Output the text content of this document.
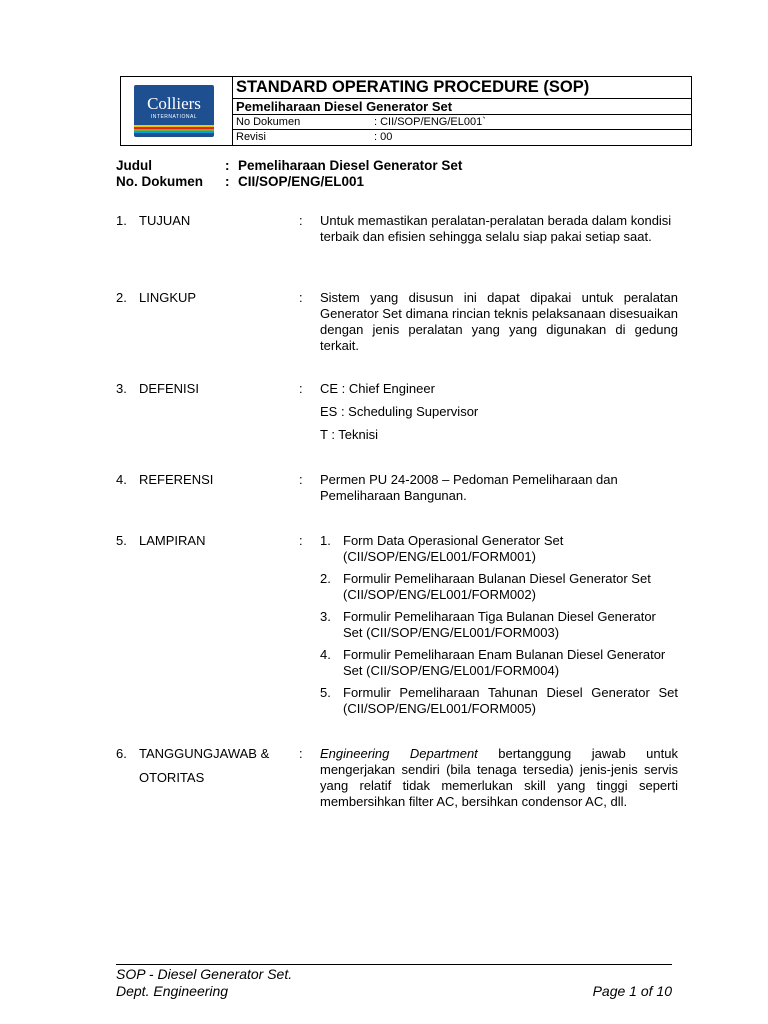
Colliers
INTERNATIONAL
STANDARD OPERATING PROCEDURE (SOP)
Pemeliharaan Diesel Generator Set
No Dokumen	: CII/SOP/ENG/EL001`
Revisi	: 00
Judul	: Pemeliharaan Diesel Generator Set
No. Dokumen : CII/SOP/ENG/EL001
1. TUJUAN	: Untuk memastikan peralatan-peralatan berada dalam kondisi terbaik dan efisien sehingga selalu siap pakai setiap saat.
2. LINGKUP	: Sistem yang disusun ini dapat dipakai untuk peralatan Generator Set dimana rincian teknis pelaksanaan disesuaikan dengan jenis peralatan yang yang digunakan di gedung terkait.
3. DEFENISI	: CE : Chief Engineer
ES : Scheduling Supervisor
T : Teknisi
4. REFERENSI	: Permen PU 24-2008 – Pedoman Pemeliharaan dan Pemeliharaan Bangunan.
5. LAMPIRAN	: 1. Form Data Operasional Generator Set (CII/SOP/ENG/EL001/FORM001)
2. Formulir Pemeliharaan Bulanan Diesel Generator Set (CII/SOP/ENG/EL001/FORM002)
3. Formulir Pemeliharaan Tiga Bulanan Diesel Generator Set (CII/SOP/ENG/EL001/FORM003)
4. Formulir Pemeliharaan Enam Bulanan Diesel Generator Set (CII/SOP/ENG/EL001/FORM004)
5. Formulir Pemeliharaan Tahunan Diesel Generator Set (CII/SOP/ENG/EL001/FORM005)
6. TANGGUNGJAWAB &
OTORITAS
: Engineering Department bertanggung jawab untuk mengerjakan sendiri (bila tenaga tersedia) jenis-jenis servis yang relatif tidak memerlukan skill yang tinggi seperti membersihkan filter AC, bersihkan condensor AC, dll.
SOP - Diesel Generator Set.
Dept. Engineering	Page 1 of 10
